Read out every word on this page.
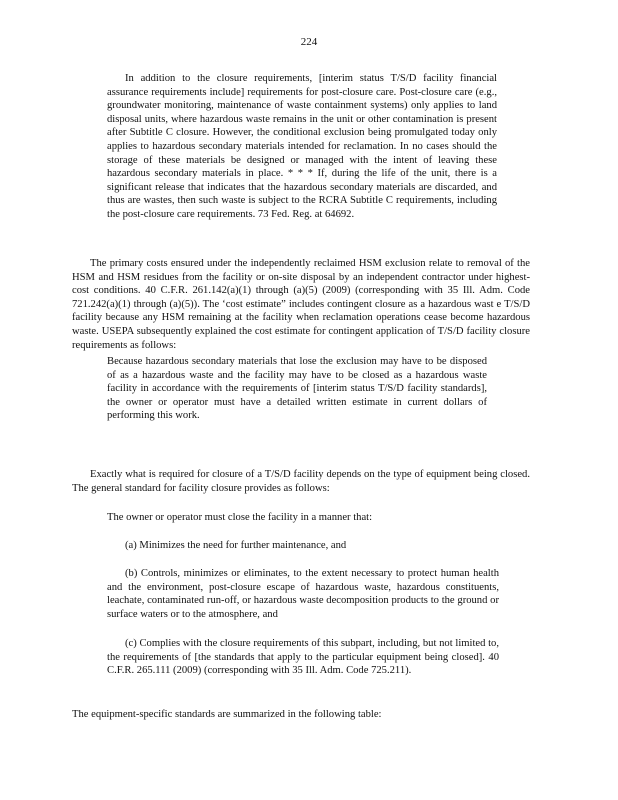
224

In addition to the closure requirements, [interim status T/S/D facility financial assurance requirements include] requirements for post-closure care. Post-closure care (e.g., groundwater monitoring, maintenance of waste containment systems) only applies to land disposal units, where hazardous waste remains in the unit or other contamination is present after Subtitle C closure. However, the conditional exclusion being promulgated today only applies to hazardous secondary materials intended for reclamation. In no cases should the storage of these materials be designed or managed with the intent of leaving these hazardous secondary materials in place. * * * If, during the life of the unit, there is a significant release that indicates that the hazardous secondary materials are discarded, and thus are wastes, then such waste is subject to the RCRA Subtitle C requirements, including the post-closure care requirements. 73 Fed. Reg. at 64692.

The primary costs ensured under the independently reclaimed HSM exclusion relate to removal of the HSM and HSM residues from the facility or on-site disposal by an independent contractor under highest-cost conditions. 40 C.F.R. 261.142(a)(1) through (a)(5) (2009) (corresponding with 35 Ill. Adm. Code 721.242(a)(1) through (a)(5)). The ‘cost estimate” includes contingent closure as a hazardous wast e T/S/D facility because any HSM remaining at the facility when reclamation operations cease become hazardous waste. USEPA subsequently explained the cost estimate for contingent application of T/S/D facility closure requirements as follows:

Because hazardous secondary materials that lose the exclusion may have to be disposed of as a hazardous waste and the facility may have to be closed as a hazardous waste facility in accordance with the requirements of [interim status T/S/D facility standards], the owner or operator must have a detailed written estimate in current dollars of performing this work.

Exactly what is required for closure of a T/S/D facility depends on the type of equipment being closed. The general standard for facility closure provides as follows:

The owner or operator must close the facility in a manner that:

(a) Minimizes the need for further maintenance, and

(b) Controls, minimizes or eliminates, to the extent necessary to protect human health and the environment, post-closure escape of hazardous waste, hazardous constituents, leachate, contaminated run-off, or hazardous waste decomposition products to the ground or surface waters or to the atmosphere, and

(c) Complies with the closure requirements of this subpart, including, but not limited to, the requirements of [the standards that apply to the particular equipment being closed]. 40 C.F.R. 265.111 (2009) (corresponding with 35 Ill. Adm. Code 725.211).

The equipment-specific standards are summarized in the following table:
